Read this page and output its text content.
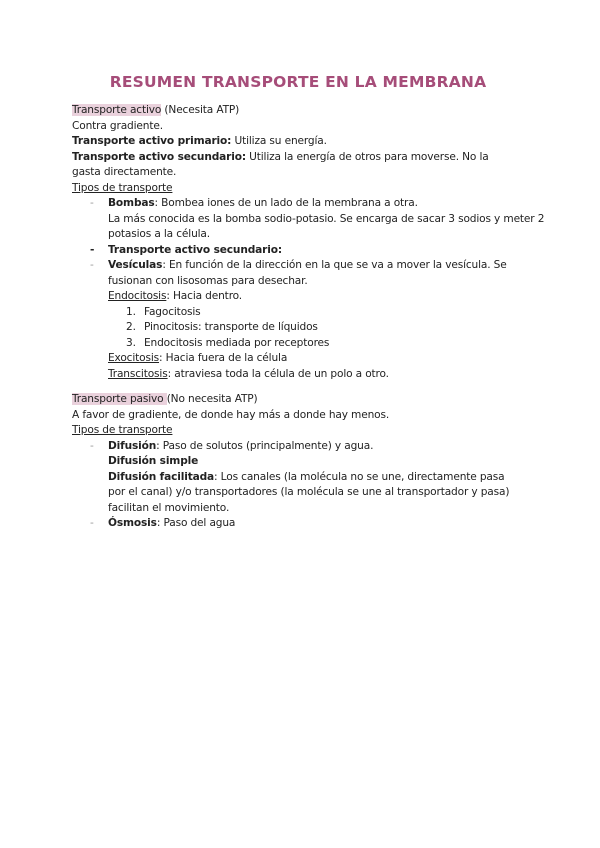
RESUMEN TRANSPORTE EN LA MEMBRANA
Transporte activo (Necesita ATP)
Contra gradiente.
Transporte activo primario: Utiliza su energía.
Transporte activo secundario: Utiliza la energía de otros para moverse. No la gasta directamente.
Tipos de transporte
- Bombas: Bombea iones de un lado de la membrana a otra.
La más conocida es la bomba sodio-potasio. Se encarga de sacar 3 sodios y meter 2 potasios a la célula.
- Transporte activo secundario:
- Vesículas: En función de la dirección en la que se va a mover la vesícula. Se fusionan con lisosomas para desechar.
Endocitosis: Hacia dentro.
1. Fagocitosis
2. Pinocitosis: transporte de líquidos
3. Endocitosis mediada por receptores
Exocitosis: Hacia fuera de la célula
Transcitosis: atraviesa toda la célula de un polo a otro.
Transporte pasivo (No necesita ATP)
A favor de gradiente, de donde hay más a donde hay menos.
Tipos de transporte
- Difusión: Paso de solutos (principalmente) y agua.
Difusión simple
Difusión facilitada: Los canales (la molécula no se une, directamente pasa por el canal) y/o transportadores (la molécula se une al transportador y pasa) facilitan el movimiento.
- Ósmosis: Paso del agua
